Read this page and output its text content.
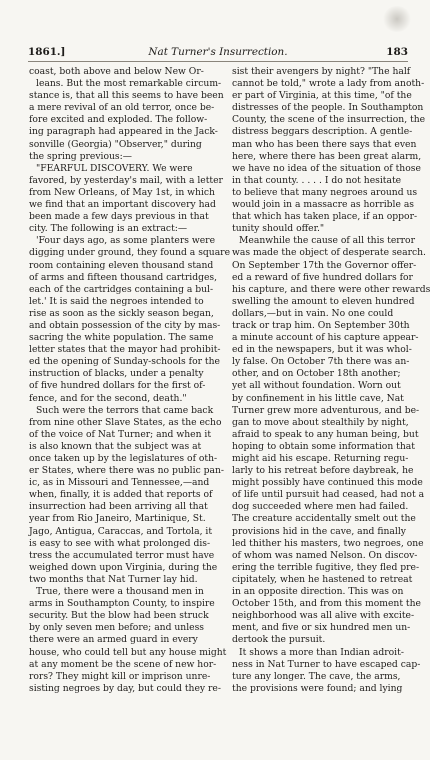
1861.]	Nat Turner's Insurrection.	183
coast, both above and below New Or-
leans. But the most remarkable circum-
stance is, that all this seems to have been
a mere revival of an old terror, once be-
fore excited and exploded. The follow-
ing paragraph had appeared in the Jack-
sonville (Georgia) "Observer," during
the spring previous:—
"FEARFUL DISCOVERY. We were
favored, by yesterday's mail, with a letter
from New Orleans, of May 1st, in which
we find that an important discovery had
been made a few days previous in that
city. The following is an extract:—
'Four days ago, as some planters were
digging under ground, they found a square
room containing eleven thousand stand
of arms and fifteen thousand cartridges,
each of the cartridges containing a bul-
let.' It is said the negroes intended to
rise as soon as the sickly season began,
and obtain possession of the city by mas-
sacring the white population. The same
letter states that the mayor had prohibit-
ed the opening of Sunday-schools for the
instruction of blacks, under a penalty
of five hundred dollars for the first of-
fence, and for the second, death."
Such were the terrors that came back
from nine other Slave States, as the echo
of the voice of Nat Turner; and when it
is also known that the subject was at
once taken up by the legislatures of oth-
er States, where there was no public pan-
ic, as in Missouri and Tennessee,—and
when, finally, it is added that reports of
insurrection had been arriving all that
year from Rio Janeiro, Martinique, St.
Jago, Antigua, Caraccas, and Tortola, it
is easy to see with what prolonged dis-
tress the accumulated terror must have
weighed down upon Virginia, during the
two months that Nat Turner lay hid.
True, there were a thousand men in
arms in Southampton County, to inspire
security. But the blow had been struck
by only seven men before; and unless
there were an armed guard in every
house, who could tell but any house might
at any moment be the scene of new hor-
rors? They might kill or imprison unre-
sisting negroes by day, but could they re-
sist their avengers by night? "The half
cannot be told," wrote a lady from anoth-
er part of Virginia, at this time, "of the
distresses of the people. In Southampton
County, the scene of the insurrection, the
distress beggars description. A gentle-
man who has been there says that even
here, where there has been great alarm,
we have no idea of the situation of those
in that county. . . . . I do not hesitate
to believe that many negroes around us
would join in a massacre as horrible as
that which has taken place, if an oppor-
tunity should offer."
Meanwhile the cause of all this terror
was made the object of desperate search.
On September 17th the Governor offer-
ed a reward of five hundred dollars for
his capture, and there were other rewards
swelling the amount to eleven hundred
dollars,—but in vain. No one could
track or trap him. On September 30th
a minute account of his capture appear-
ed in the newspapers, but it was whol-
ly false. On October 7th there was an-
other, and on October 18th another;
yet all without foundation. Worn out
by confinement in his little cave, Nat
Turner grew more adventurous, and be-
gan to move about stealthily by night,
afraid to speak to any human being, but
hoping to obtain some information that
might aid his escape. Returning regu-
larly to his retreat before daybreak, he
might possibly have continued this mode
of life until pursuit had ceased, had not a
dog succeeded where men had failed.
The creature accidentally smelt out the
provisions hid in the cave, and finally
led thither his masters, two negroes, one
of whom was named Nelson. On discov-
ering the terrible fugitive, they fled pre-
cipitately, when he hastened to retreat
in an opposite direction. This was on
October 15th, and from this moment the
neighborhood was all alive with excite-
ment, and five or six hundred men un-
dertook the pursuit.
It shows a more than Indian adroit-
ness in Nat Turner to have escaped cap-
ture any longer. The cave, the arms,
the provisions were found; and lying
